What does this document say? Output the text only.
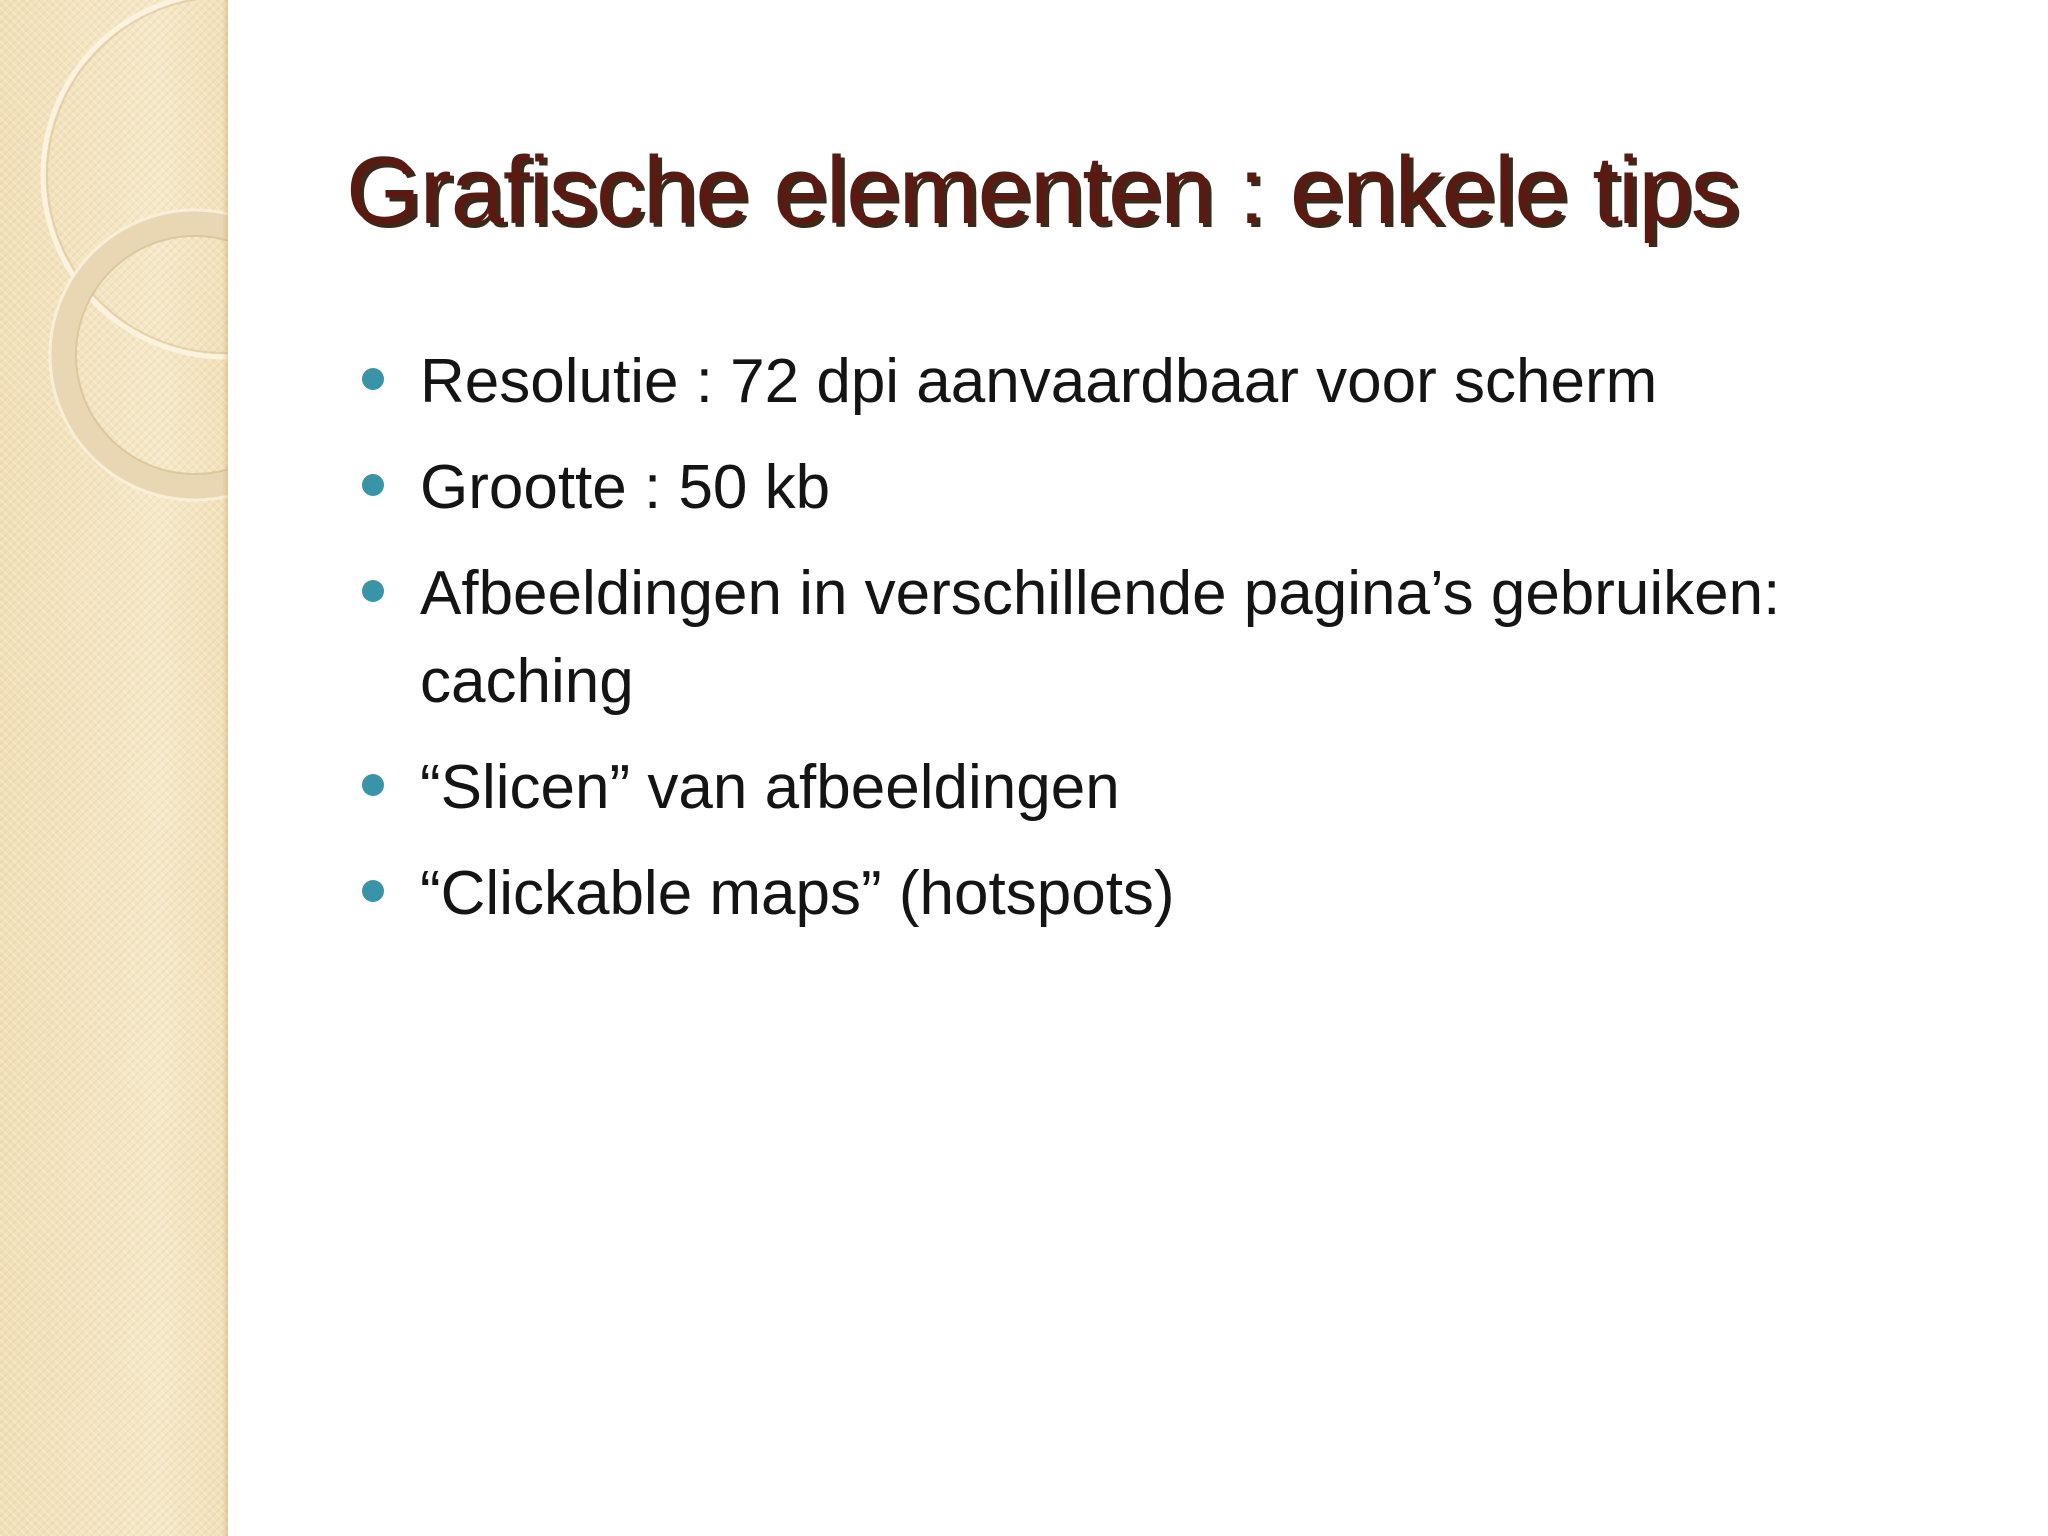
Grafische elementen : enkele tips
Resolutie : 72 dpi aanvaardbaar voor scherm
Grootte : 50 kb
Afbeeldingen in verschillende pagina’s gebruiken: caching
“Slicen” van afbeeldingen
“Clickable maps” (hotspots)
